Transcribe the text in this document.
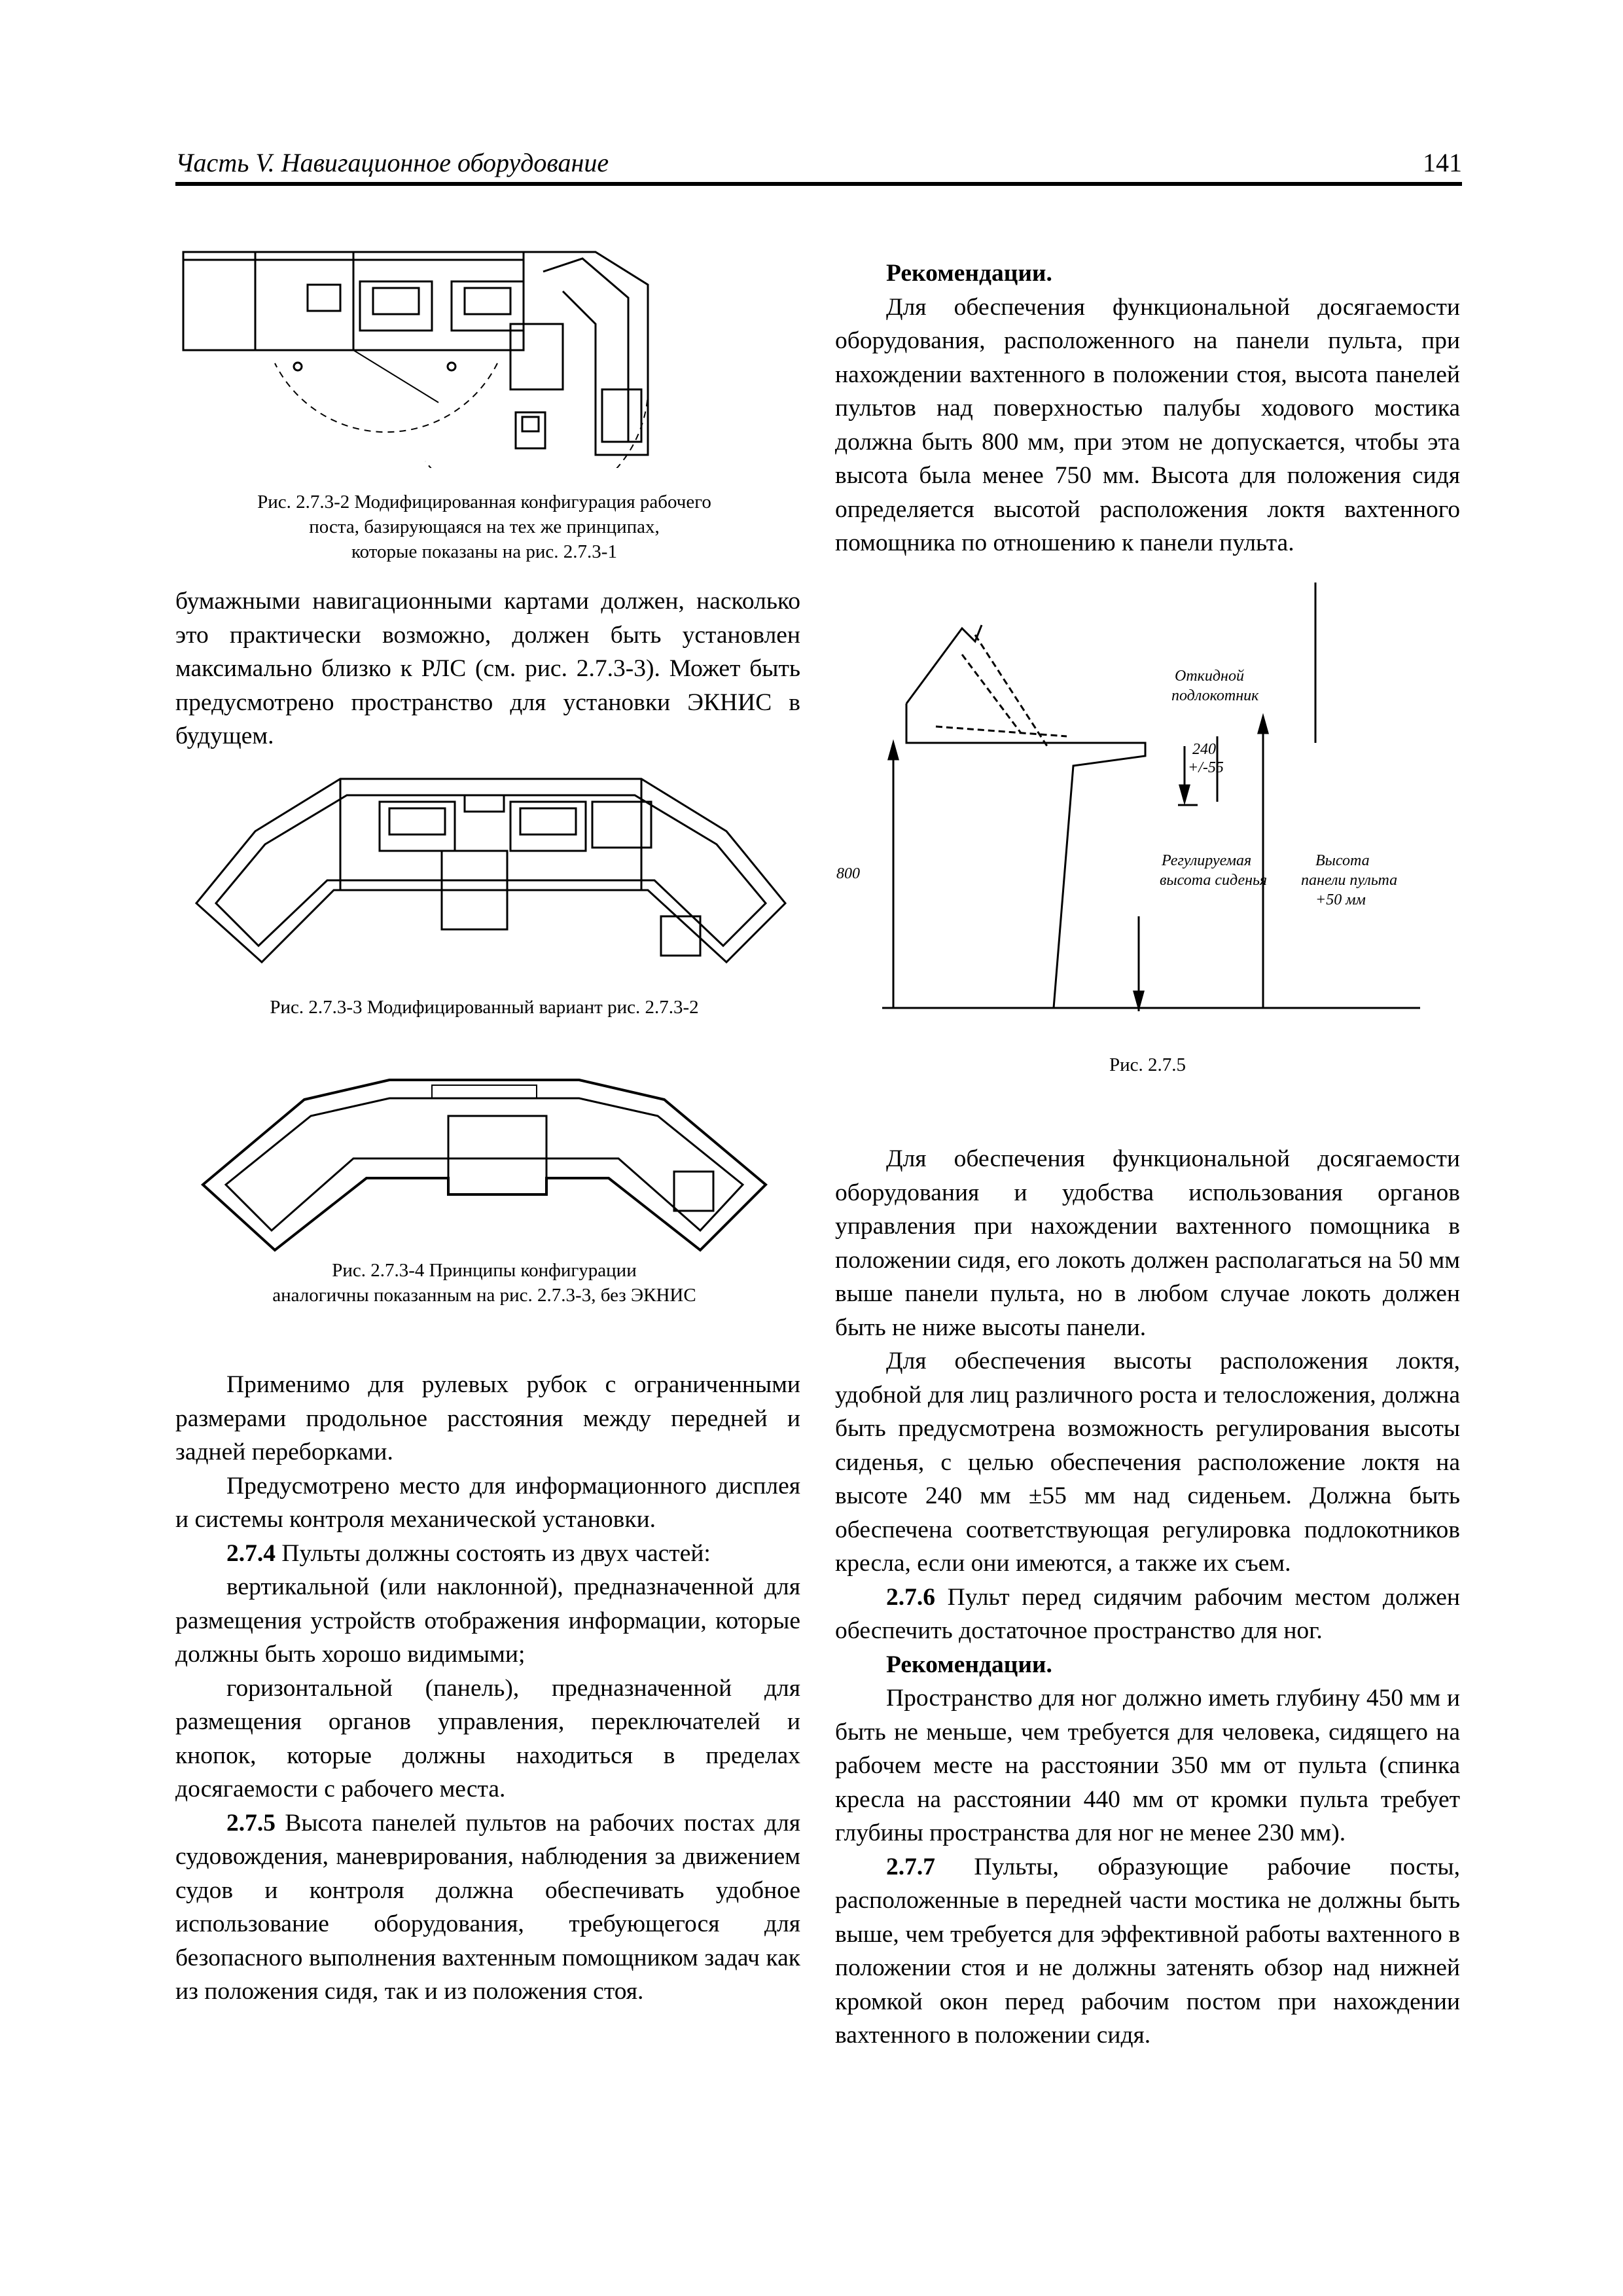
Часть V. Навигационное оборудование	141
Рис. 2.7.3-2 Модифицированная конфигурация рабочего
поста, базирующаяся на тех же принципах,
которые показаны на рис. 2.7.3-1

бумажными навигационными картами должен, насколько это практически возможно, должен быть установлен максимально близко к РЛС (см. рис. 2.7.3-3). Может быть предусмотрено пространство для установки ЭКНИС в будущем.

Рис. 2.7.3-3 Модифицированный вариант рис. 2.7.3-2
Рис. 2.7.3-4 Принципы конфигурации
аналогичны показанным на рис. 2.7.3-3, без ЭКНИС

Применимо для рулевых рубок с ограниченными размерами продольное расстояния между передней и задней переборками.

Предусмотрено место для информационного дисплея и системы контроля механической установки.

2.7.4 Пульты должны состоять из двух частей:

вертикальной (или наклонной), предназначенной для размещения устройств отображения информации, которые должны быть хорошо видимыми;

горизонтальной (панель), предназначенной для размещения органов управления, переключателей и кнопок, которые должны находиться в пределах досягаемости с рабочего места.

2.7.5 Высота панелей пультов на рабочих постах для судовождения, маневрирования, наблюдения за движением судов и контроля должна обеспечивать удобное использование оборудования, требующегося для безопасного выполнения вахтенным помощником задач как из положения сидя, так и из положения стоя.

Рекомендации.

Для обеспечения функциональной досягаемости оборудования, расположенного на панели пульта, при нахождении вахтенного в положении стоя, высота панелей пультов над поверхностью палубы ходового мостика должна быть 800 мм, при этом не допускается, чтобы эта высота была менее 750 мм. Высота для положения сидя определяется высотой расположения локтя вахтенного помощника по отношению к панели пульта.

Откидной
подлокотник
240
+/-55
800
Регулируемая
высота сиденья
Высота
панели пульта
+50 мм
Рис. 2.7.5

Для обеспечения функциональной досягаемости оборудования и удобства использования органов управления при нахождении вахтенного помощника в положении сидя, его локоть должен располагаться на 50 мм выше панели пульта, но в любом случае локоть должен быть не ниже высоты панели.

Для обеспечения высоты расположения локтя, удобной для лиц различного роста и телосложения, должна быть предусмотрена возможность регулирования высоты сиденья, с целью обеспечения расположение локтя на высоте 240 мм ±55 мм над сиденьем. Должна быть обеспечена соответствующая регулировка подлокотников кресла, если они имеются, а также их съем.

2.7.6 Пульт перед сидячим рабочим местом должен обеспечить достаточное пространство для ног.

Рекомендации.

Пространство для ног должно иметь глубину 450 мм и быть не меньше, чем требуется для человека, сидящего на рабочем месте на расстоянии 350 мм от пульта (спинка кресла на расстоянии 440 мм от кромки пульта требует глубины пространства для ног не менее 230 мм).

2.7.7 Пульты, образующие рабочие посты, расположенные в передней части мостика не должны быть выше, чем требуется для эффективной работы вахтенного в положении стоя и не должны затенять обзор над нижней кромкой окон перед рабочим постом при нахождении вахтенного в положении сидя.
